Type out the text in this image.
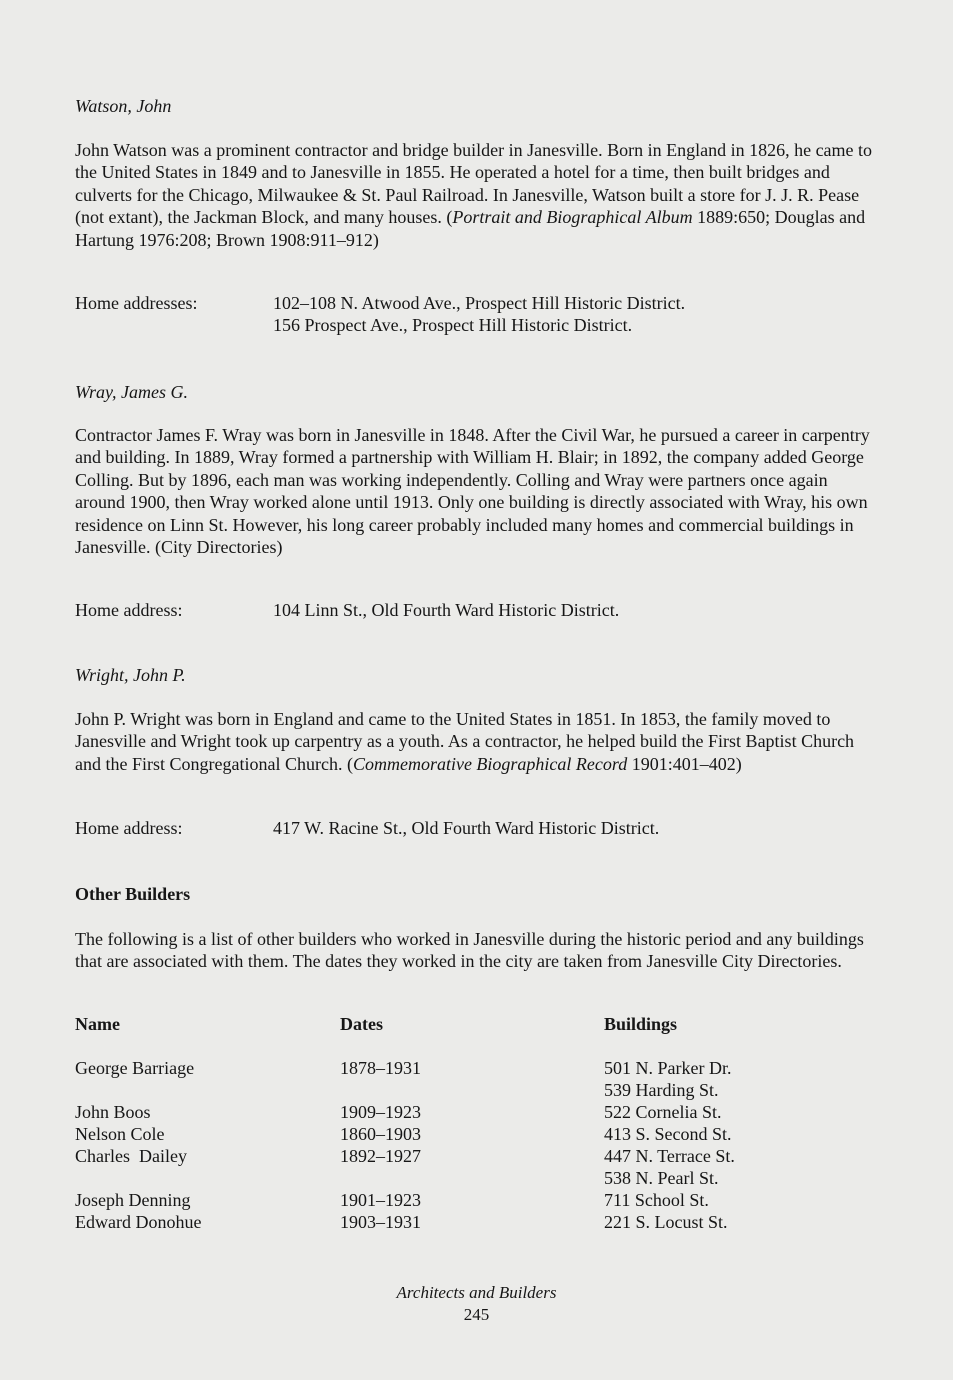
Watson, John

John Watson was a prominent contractor and bridge builder in Janesville. Born in England in 1826, he came to the United States in 1849 and to Janesville in 1855. He operated a hotel for a time, then built bridges and culverts for the Chicago, Milwaukee & St. Paul Railroad. In Janesville, Watson built a store for J. J. R. Pease (not extant), the Jackman Block, and many houses. (Portrait and Biographical Album 1889:650; Douglas and Hartung 1976:208; Brown 1908:911–912)

Home addresses:	102–108 N. Atwood Ave., Prospect Hill Historic District.
156 Prospect Ave., Prospect Hill Historic District.
Wray, James G.

Contractor James F. Wray was born in Janesville in 1848. After the Civil War, he pursued a career in carpentry and building. In 1889, Wray formed a partnership with William H. Blair; in 1892, the company added George Colling. But by 1896, each man was working independently. Colling and Wray were partners once again around 1900, then Wray worked alone until 1913. Only one building is directly associated with Wray, his own residence on Linn St. However, his long career probably included many homes and commercial buildings in Janesville. (City Directories)

Home address:	104 Linn St., Old Fourth Ward Historic District.
Wright, John P.

John P. Wright was born in England and came to the United States in 1851. In 1853, the family moved to Janesville and Wright took up carpentry as a youth. As a contractor, he helped build the First Baptist Church and the First Congregational Church. (Commemorative Biographical Record 1901:401–402)

Home address:	417 W. Racine St., Old Fourth Ward Historic District.
Other Builders

The following is a list of other builders who worked in Janesville during the historic period and any buildings that are associated with them. The dates they worked in the city are taken from Janesville City Directories.

Name	Dates	Buildings
George Barriage	1878–1931	501 N. Parker Dr.
539 Harding St.
John Boos	1909–1923	522 Cornelia St.
Nelson Cole	1860–1903	413 S. Second St.
Charles  Dailey	1892–1927	447 N. Terrace St.
538 N. Pearl St.
Joseph Denning	1901–1923	711 School St.
Edward Donohue	1903–1931	221 S. Locust St.
Architects and Builders
245
